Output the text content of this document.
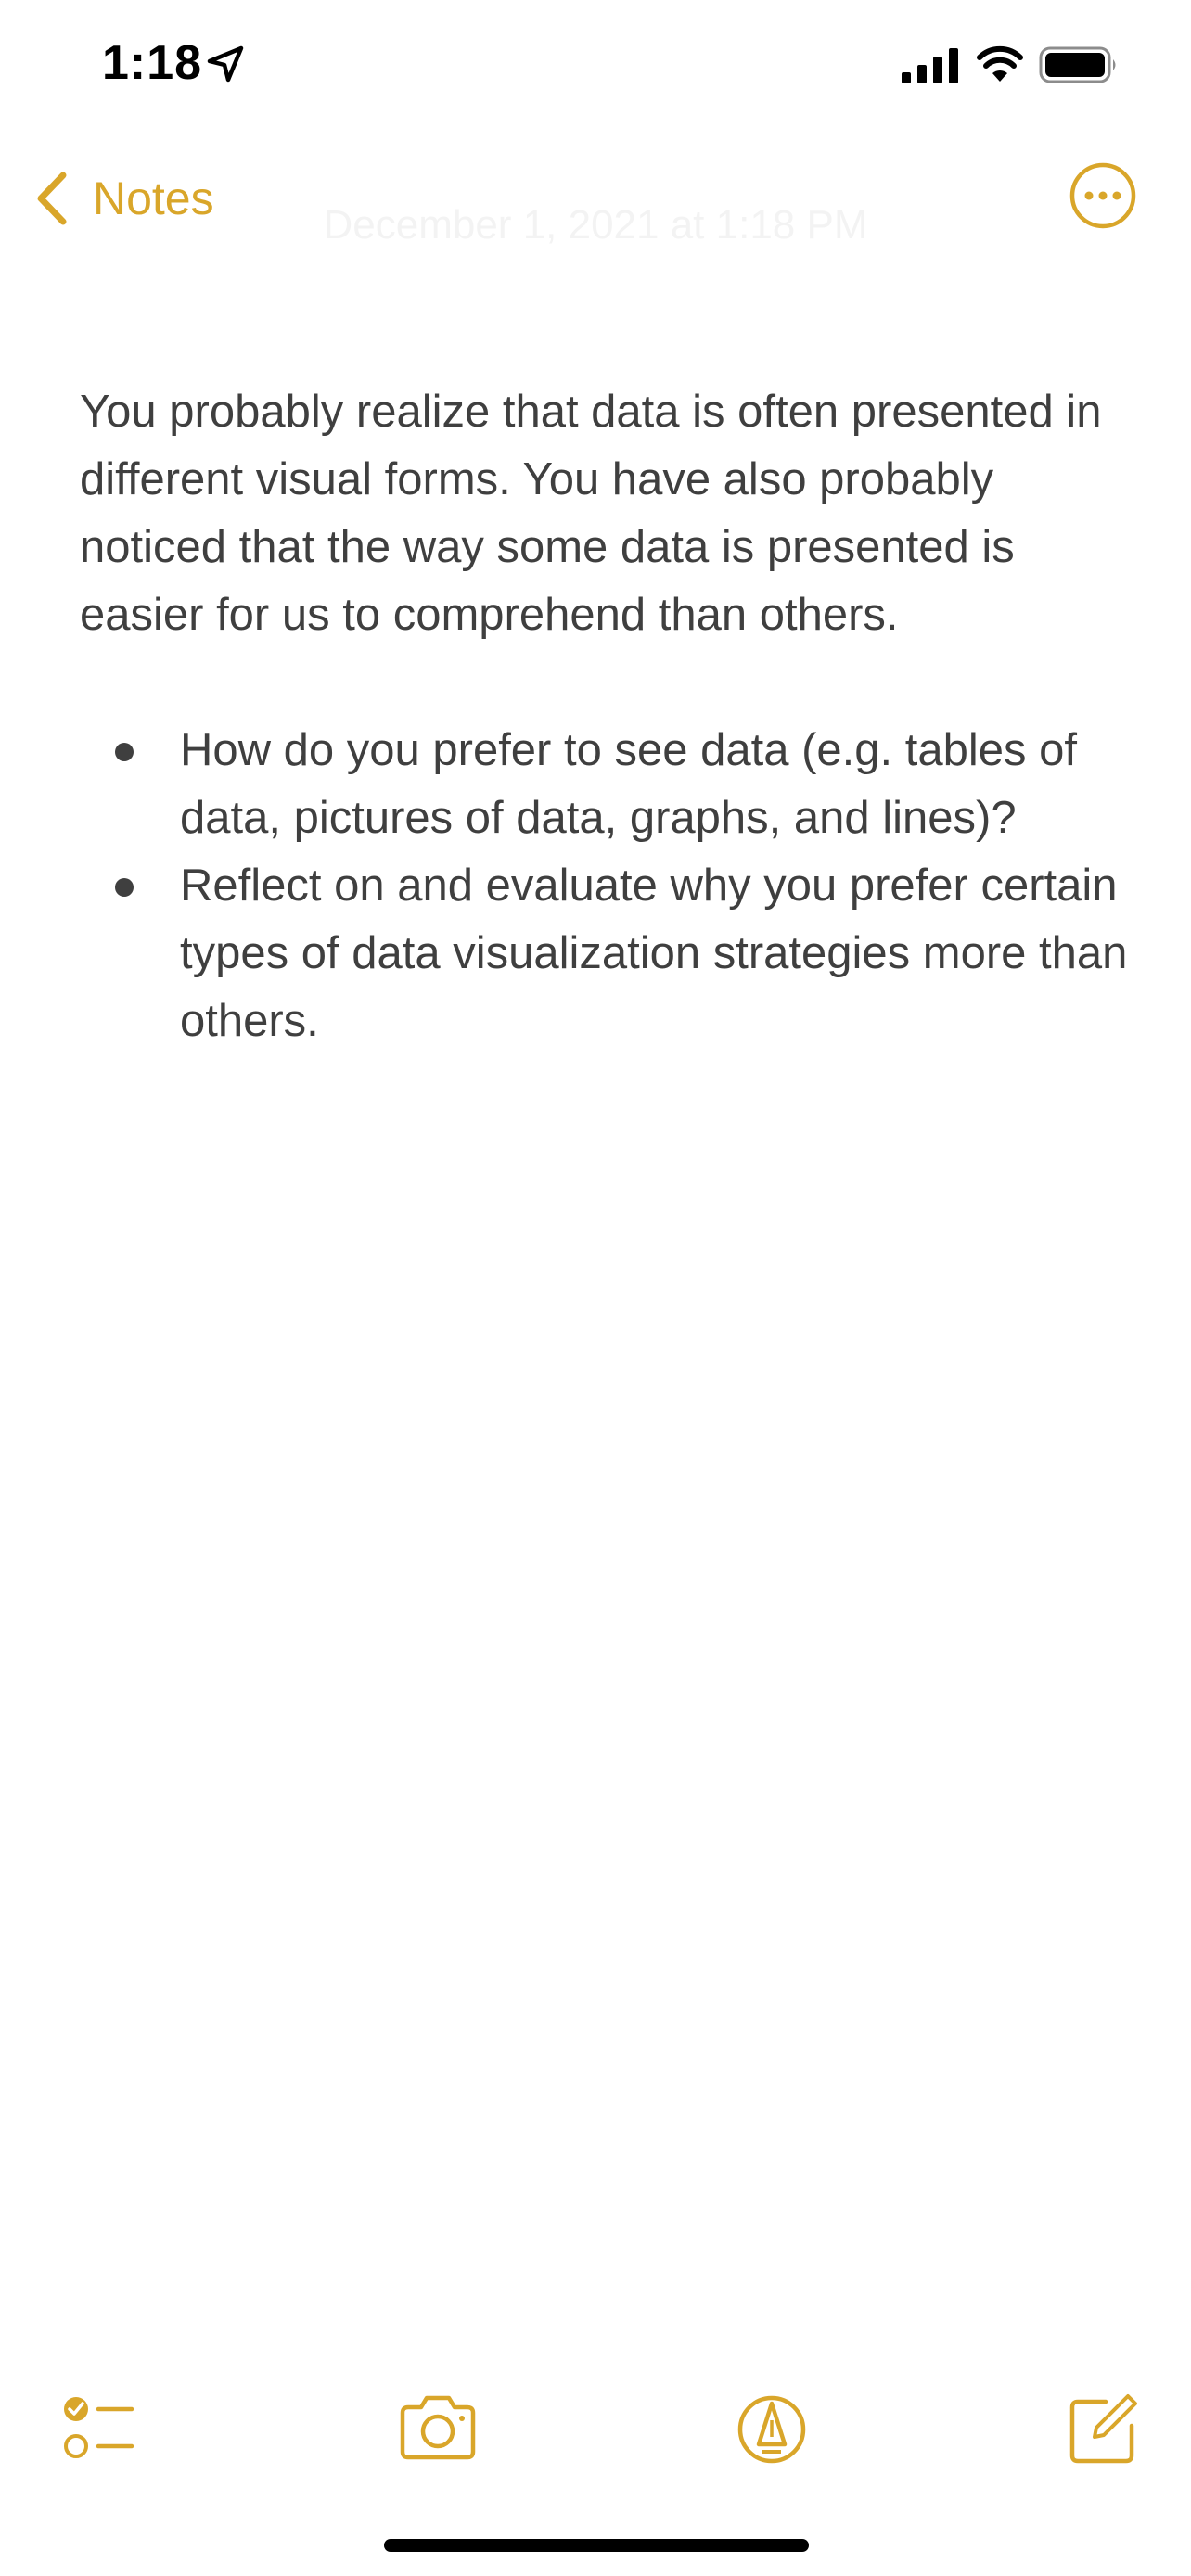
1:18
Notes
December 1, 2021 at 1:18 PM

You probably realize that data is often presented in different visual forms. You have also probably noticed that the way some data is presented is easier for us to comprehend than others.

How do you prefer to see data (e.g. tables of data, pictures of data, graphs, and lines)?
Reflect on and evaluate why you prefer certain types of data visualization strategies more than others.
